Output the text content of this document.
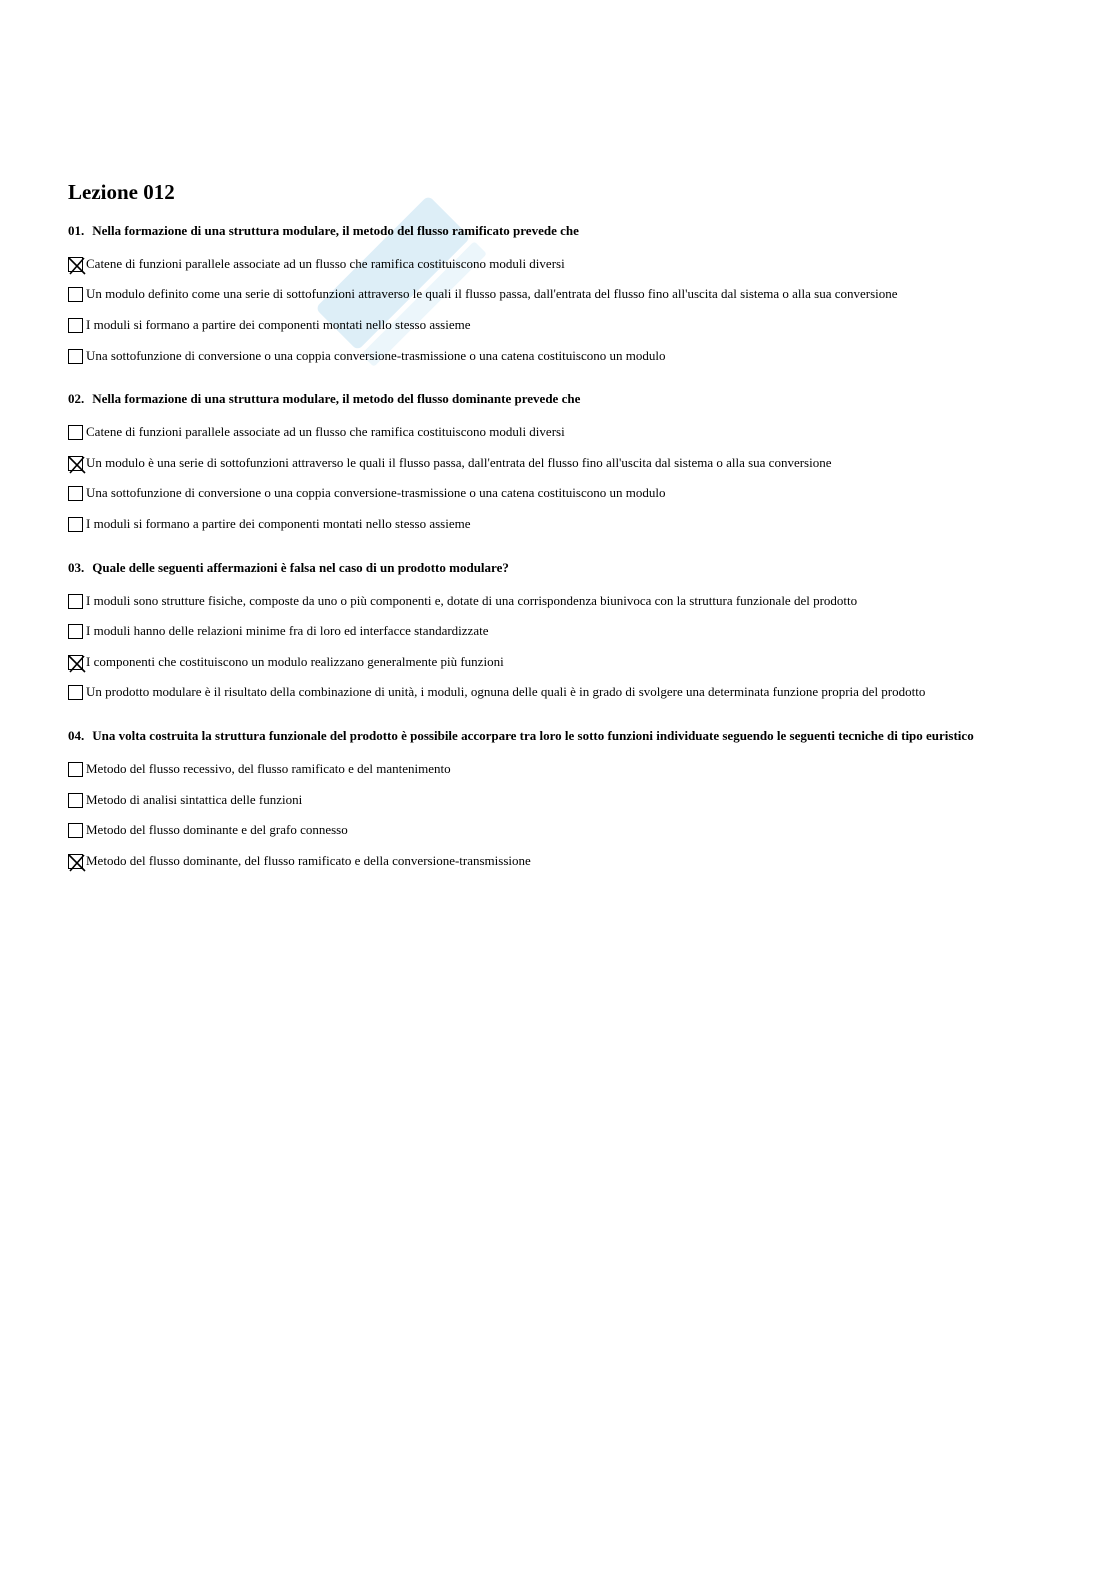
Lezione 012
01. Nella formazione di una struttura modulare, il metodo del flusso ramificato prevede che
Catene di funzioni parallele associate ad un flusso che ramifica costituiscono moduli diversi
Un modulo definito come una serie di sottofunzioni attraverso le quali il flusso passa, dall'entrata del flusso fino all'uscita dal sistema o alla sua conversione
I moduli si formano a partire dei componenti montati nello stesso assieme
Una sottofunzione di conversione o una coppia conversione-trasmissione o una catena costituiscono un modulo
02. Nella formazione di una struttura modulare, il metodo del flusso dominante prevede che
Catene di funzioni parallele associate ad un flusso che ramifica costituiscono moduli diversi
Un modulo è una serie di sottofunzioni attraverso le quali il flusso passa, dall'entrata del flusso fino all'uscita dal sistema o alla sua conversione
Una sottofunzione di conversione o una coppia conversione-trasmissione o una catena costituiscono un modulo
I moduli si formano a partire dei componenti montati nello stesso assieme
03. Quale delle seguenti affermazioni è falsa nel caso di un prodotto modulare?
I moduli sono strutture fisiche, composte da uno o più componenti e, dotate di una corrispondenza biunivoca con la struttura funzionale del prodotto
I moduli hanno delle relazioni minime fra di loro ed interfacce standardizzate
I componenti che costituiscono un modulo realizzano generalmente più funzioni
Un prodotto modulare è il risultato della combinazione di unità, i moduli, ognuna delle quali è in grado di svolgere una determinata funzione propria del prodotto
04. Una volta costruita la struttura funzionale del prodotto è possibile accorpare tra loro le sotto funzioni individuate seguendo le seguenti tecniche di tipo euristico
Metodo del flusso recessivo, del flusso ramificato e del mantenimento
Metodo di analisi sintattica delle funzioni
Metodo del flusso dominante e del grafo connesso
Metodo del flusso dominante, del flusso ramificato e della conversione-transmissione
